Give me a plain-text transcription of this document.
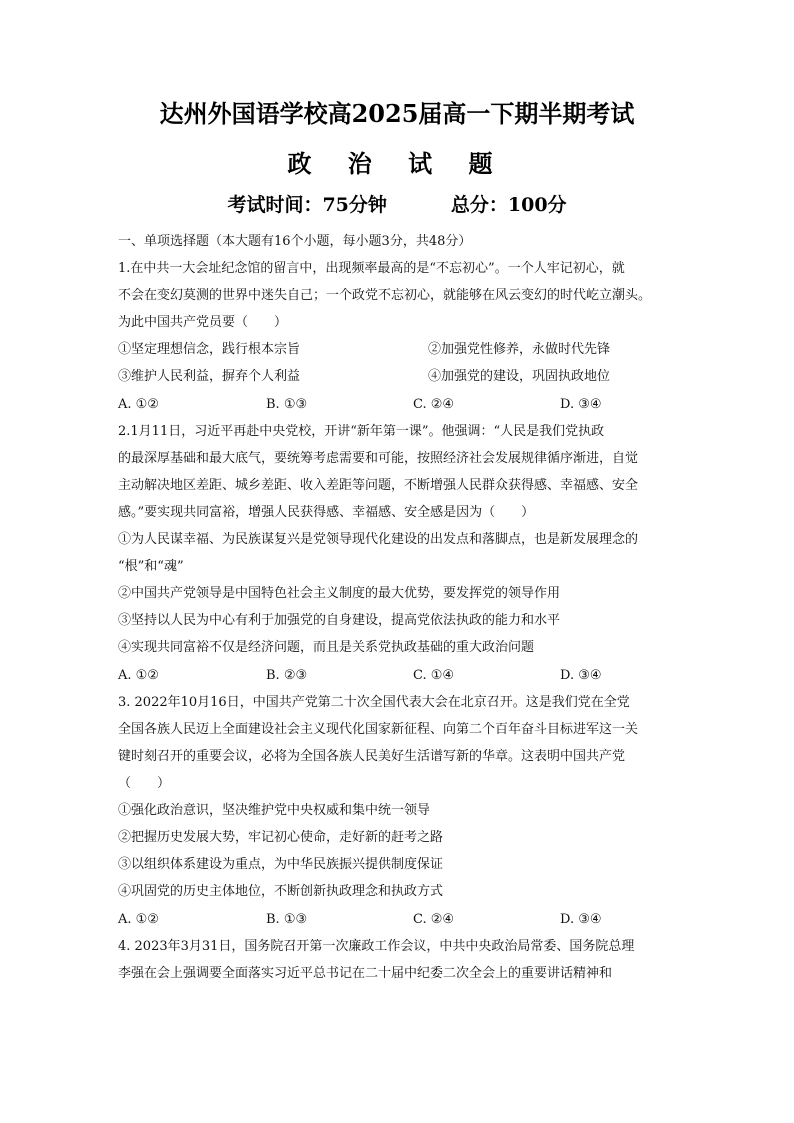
达州外国语学校高2025届高一下期半期考试
政 治 试 题
考试时间：75分钟	总分：100分
一、单项选择题（本大题有16个小题，每小题3分，共48分）
1.在中共一大会址纪念馆的留言中，出现频率最高的是“不忘初心”。一个人牢记初心，就
不会在变幻莫测的世界中迷失自己；一个政党不忘初心，就能够在风云变幻的时代屹立潮头。
为此中国共产党员要（　　）
①坚定理想信念，践行根本宗旨	②加强党性修养，永做时代先锋
③维护人民利益，摒弃个人利益	④加强党的建设，巩固执政地位
A. ①②	B. ①③	C. ②④	D. ③④
2.1月11日，习近平再赴中央党校，开讲“新年第一课”。他强调：“人民是我们党执政
的最深厚基础和最大底气，要统筹考虑需要和可能，按照经济社会发展规律循序渐进，自觉
主动解决地区差距、城乡差距、收入差距等问题，不断增强人民群众获得感、幸福感、安全
感。”要实现共同富裕，增强人民获得感、幸福感、安全感是因为（　　）
①为人民谋幸福、为民族谋复兴是党领导现代化建设的出发点和落脚点，也是新发展理念的
“根”和“魂”
②中国共产党领导是中国特色社会主义制度的最大优势，要发挥党的领导作用
③坚持以人民为中心有利于加强党的自身建设，提高党依法执政的能力和水平
④实现共同富裕不仅是经济问题，而且是关系党执政基础的重大政治问题
A. ①②	B. ②③	C. ①④	D. ③④
3. 2022年10月16日，中国共产党第二十次全国代表大会在北京召开。这是我们党在全党
全国各族人民迈上全面建设社会主义现代化国家新征程、向第二个百年奋斗目标进军这一关
键时刻召开的重要会议，必将为全国各族人民美好生活谱写新的华章。这表明中国共产党
（　　）
①强化政治意识，坚决维护党中央权威和集中统一领导
②把握历史发展大势，牢记初心使命，走好新的赶考之路
③以组织体系建设为重点，为中华民族振兴提供制度保证
④巩固党的历史主体地位，不断创新执政理念和执政方式
A. ①②	B. ①③	C. ②④	D. ③④
4. 2023年3月31日，国务院召开第一次廉政工作会议，中共中央政治局常委、国务院总理
李强在会上强调要全面落实习近平总书记在二十届中纪委二次全会上的重要讲话精神和
